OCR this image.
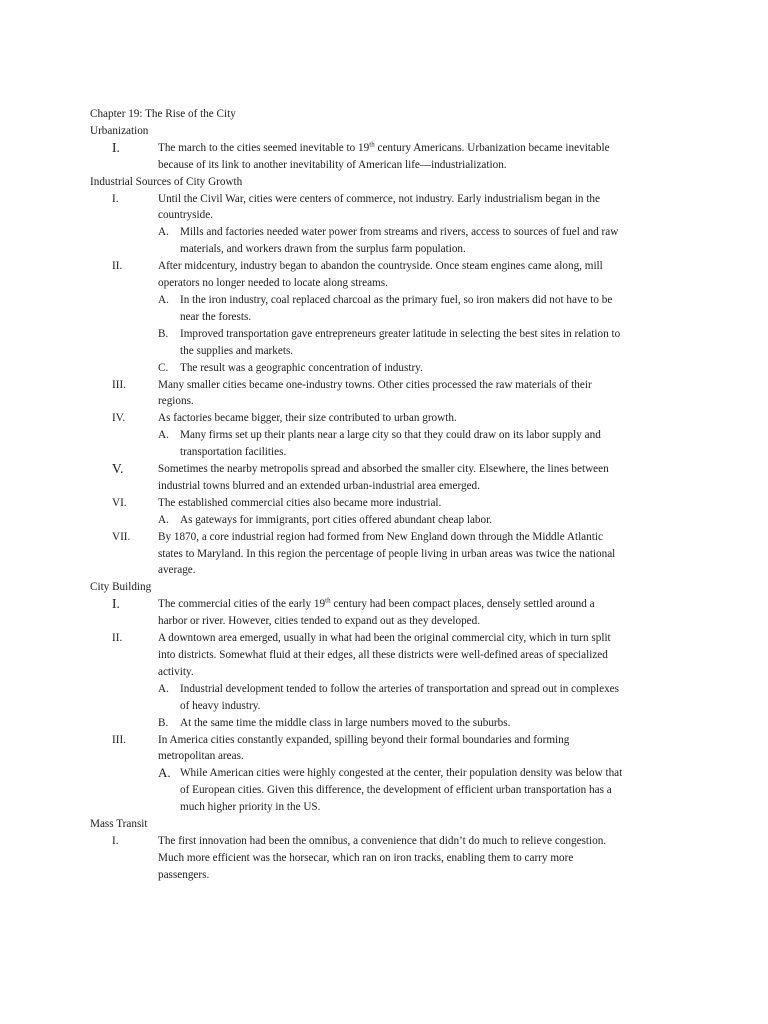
Chapter 19: The Rise of the City

Urbanization

I.	The march to the cities seemed inevitable to 19th century Americans. Urbanization became inevitable

because of its link to another inevitability of American life—industrialization.

Industrial Sources of City Growth

I.	Until the Civil War, cities were centers of commerce, not industry. Early industrialism began in the

countryside.

A. Mills and factories needed water power from streams and rivers, access to sources of fuel and raw

materials, and workers drawn from the surplus farm population.

II.	After midcentury, industry began to abandon the countryside. Once steam engines came along, mill

operators no longer needed to locate along streams.

A. In the iron industry, coal replaced charcoal as the primary fuel, so iron makers did not have to be

near the forests.

B. Improved transportation gave entrepreneurs greater latitude in selecting the best sites in relation to

the supplies and markets.

C. The result was a geographic concentration of industry.

III.	Many smaller cities became one-industry towns. Other cities processed the raw materials of their

regions.

IV.	As factories became bigger, their size contributed to urban growth.

A. Many firms set up their plants near a large city so that they could draw on its labor supply and

transportation facilities.

V.	Sometimes the nearby metropolis spread and absorbed the smaller city. Elsewhere, the lines between

industrial towns blurred and an extended urban-industrial area emerged.

VI.	The established commercial cities also became more industrial.

A. As gateways for immigrants, port cities offered abundant cheap labor.

VII. By 1870, a core industrial region had formed from New England down through the Middle Atlantic

states to Maryland. In this region the percentage of people living in urban areas was twice the national

average.

City Building

I.	The commercial cities of the early 19th century had been compact places, densely settled around a

harbor or river. However, cities tended to expand out as they developed.

II.	A downtown area emerged, usually in what had been the original commercial city, which in turn split

into districts. Somewhat fluid at their edges, all these districts were well-defined areas of specialized

activity.

A. Industrial development tended to follow the arteries of transportation and spread out in complexes

of heavy industry.

B. At the same time the middle class in large numbers moved to the suburbs.

III.	In America cities constantly expanded, spilling beyond their formal boundaries and forming

metropolitan areas.

A. While American cities were highly congested at the center, their population density was below that

of European cities. Given this difference, the development of efficient urban transportation has a

much higher priority in the US.

Mass Transit

I.	The first innovation had been the omnibus, a convenience that didn’t do much to relieve congestion.

Much more efficient was the horsecar, which ran on iron tracks, enabling them to carry more

passengers.
